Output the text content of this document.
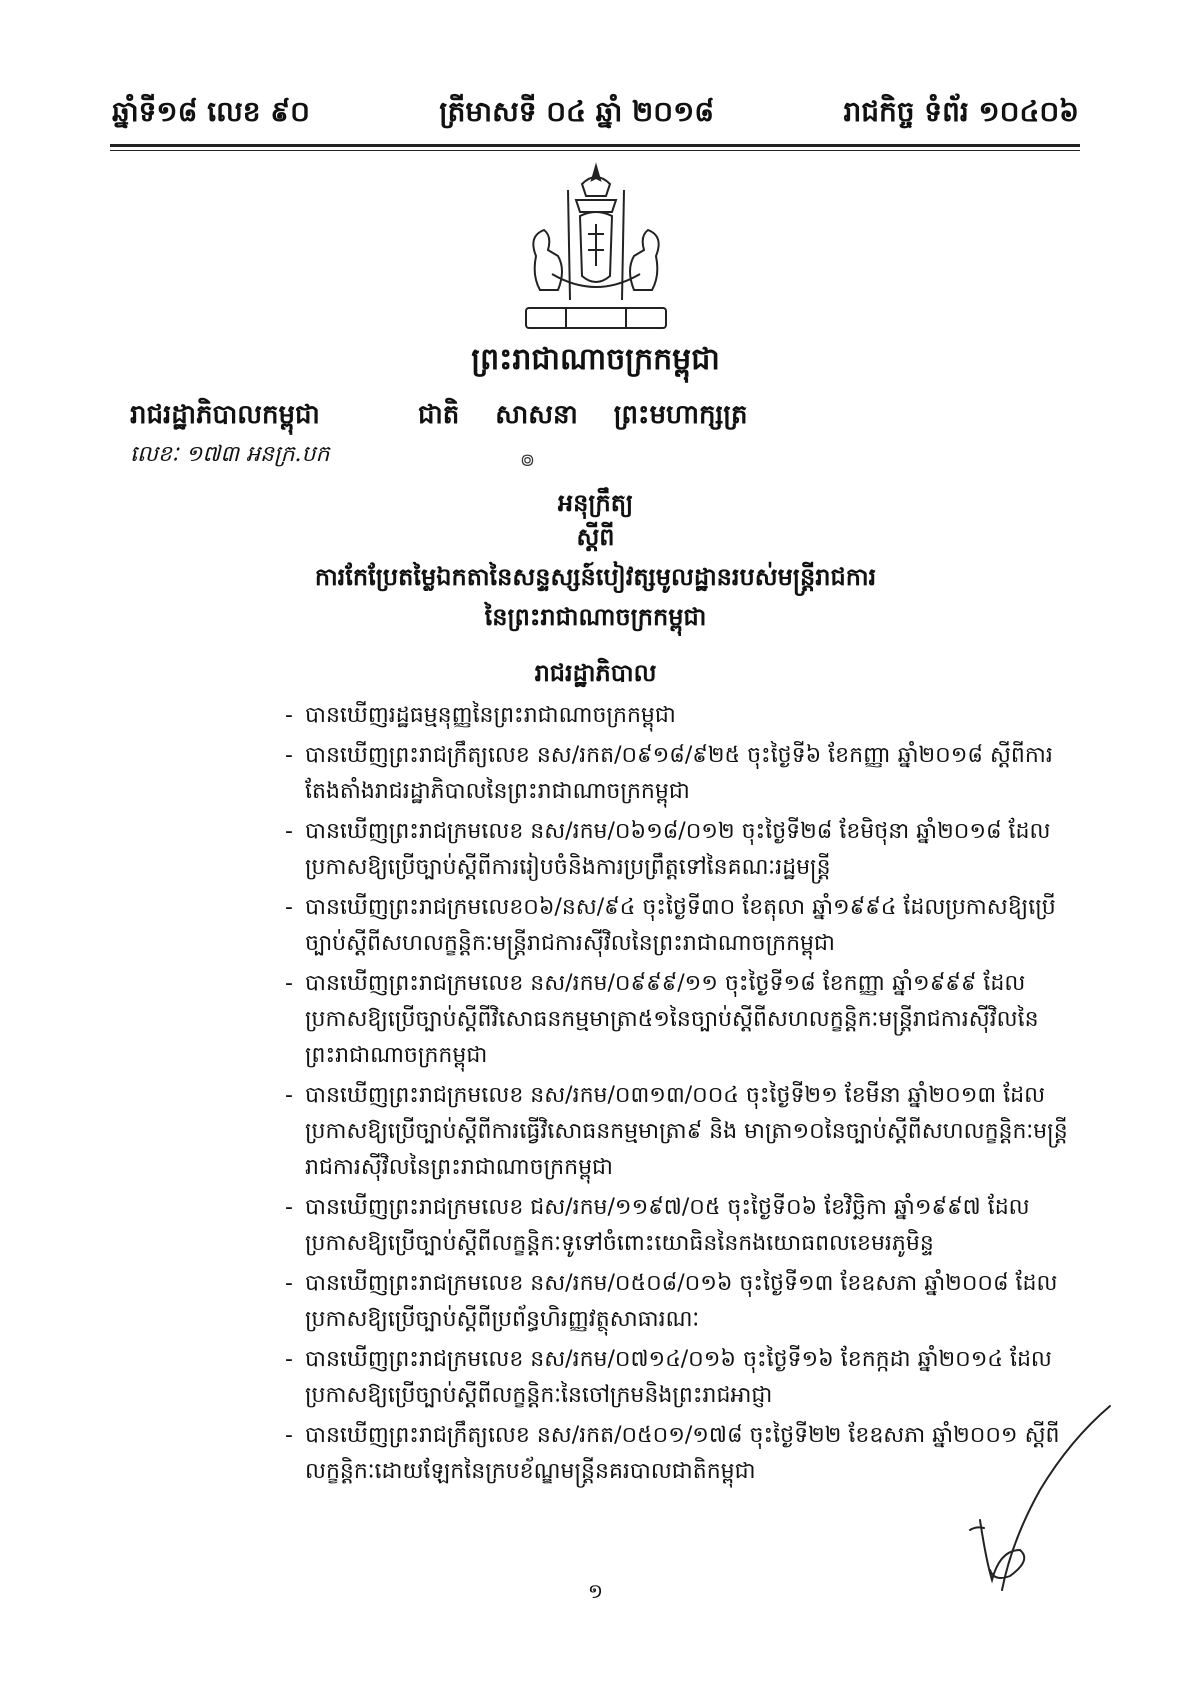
ឆ្នាំទី១៨ លេខ ៩០	ត្រីមាសទី ០៤ ឆ្នាំ ២០១៨	រាជកិច្ច ទំព័រ ១០៤០៦
ព្រះរាជាណាចក្រកម្ពុជា
រាជរដ្ឋាភិបាលកម្ពុជា	ជាតិ សាសនា ព្រះមហាក្សត្រ
លេខៈ ១៧៣ អនក្រ.បក	៙
អនុក្រឹត្យ
ស្តីពី
ការកែប្រែតម្លៃឯកតានៃសន្ទស្សន៍បៀវត្សមូលដ្ឋានរបស់មន្ត្រីរាជការ
នៃព្រះរាជាណាចក្រកម្ពុជា
រាជរដ្ឋាភិបាល
- បានឃើញរដ្ឋធម្មនុញ្ញនៃព្រះរាជាណាចក្រកម្ពុជា
- បានឃើញព្រះរាជក្រឹត្យលេខ នស/រកត/០៩១៨/៩២៥ ចុះថ្ងៃទី៦ ខែកញ្ញា ឆ្នាំ២០១៨ ស្តីពីការតែងតាំងរាជរដ្ឋាភិបាលនៃព្រះរាជាណាចក្រកម្ពុជា
- បានឃើញព្រះរាជក្រមលេខ នស/រកម/០៦១៨/០១២ ចុះថ្ងៃទី២៨ ខែមិថុនា ឆ្នាំ២០១៨ ដែលប្រកាសឱ្យប្រើច្បាប់ស្តីពីការរៀបចំនិងការប្រព្រឹត្តទៅនៃគណៈរដ្ឋមន្ត្រី
- បានឃើញព្រះរាជក្រមលេខ០៦/នស/៩៤ ចុះថ្ងៃទី៣០ ខែតុលា ឆ្នាំ១៩៩៤ ដែលប្រកាសឱ្យប្រើច្បាប់ស្តីពីសហលក្ខន្តិកៈមន្ត្រីរាជការស៊ីវិលនៃព្រះរាជាណាចក្រកម្ពុជា
- បានឃើញព្រះរាជក្រមលេខ នស/រកម/០៩៩៩/១១ ចុះថ្ងៃទី១៨ ខែកញ្ញា ឆ្នាំ១៩៩៩ ដែលប្រកាសឱ្យប្រើច្បាប់ស្តីពីវិសោធនកម្មមាត្រា៥១នៃច្បាប់ស្តីពីសហលក្ខន្តិកៈមន្ត្រីរាជការស៊ីវិលនៃព្រះរាជាណាចក្រកម្ពុជា
- បានឃើញព្រះរាជក្រមលេខ នស/រកម/០៣១៣/០០៤ ចុះថ្ងៃទី២១ ខែមីនា ឆ្នាំ២០១៣ ដែលប្រកាសឱ្យប្រើច្បាប់ស្តីពីការធ្វើវិសោធនកម្មមាត្រា៩ និង មាត្រា១០នៃច្បាប់ស្តីពីសហលក្ខន្តិកៈមន្ត្រីរាជការស៊ីវិលនៃព្រះរាជាណាចក្រកម្ពុជា
- បានឃើញព្រះរាជក្រមលេខ ជស/រកម/១១៩៧/០៥ ចុះថ្ងៃទី០៦ ខែវិច្ឆិកា ឆ្នាំ១៩៩៧ ដែលប្រកាសឱ្យប្រើច្បាប់ស្តីពីលក្ខន្តិកៈទូទៅចំពោះយោធិននៃកងយោធពលខេមរភូមិន្ទ
- បានឃើញព្រះរាជក្រមលេខ នស/រកម/០៥០៨/០១៦ ចុះថ្ងៃទី១៣ ខែឧសភា ឆ្នាំ២០០៨ ដែលប្រកាសឱ្យប្រើច្បាប់ស្តីពីប្រព័ន្ធហិរញ្ញវត្ថុសាធារណៈ
- បានឃើញព្រះរាជក្រមលេខ នស/រកម/០៧១៤/០១៦ ចុះថ្ងៃទី១៦ ខែកក្កដា ឆ្នាំ២០១៤ ដែលប្រកាសឱ្យប្រើច្បាប់ស្តីពីលក្ខន្តិកៈនៃចៅក្រមនិងព្រះរាជអាជ្ញា
- បានឃើញព្រះរាជក្រឹត្យលេខ នស/រកត/០៥០១/១៧៨ ចុះថ្ងៃទី២២ ខែឧសភា ឆ្នាំ២០០១ ស្តីពីលក្ខន្តិកៈដោយឡែកនៃក្របខ័ណ្ឌមន្ត្រីនគរបាលជាតិកម្ពុជា
១
